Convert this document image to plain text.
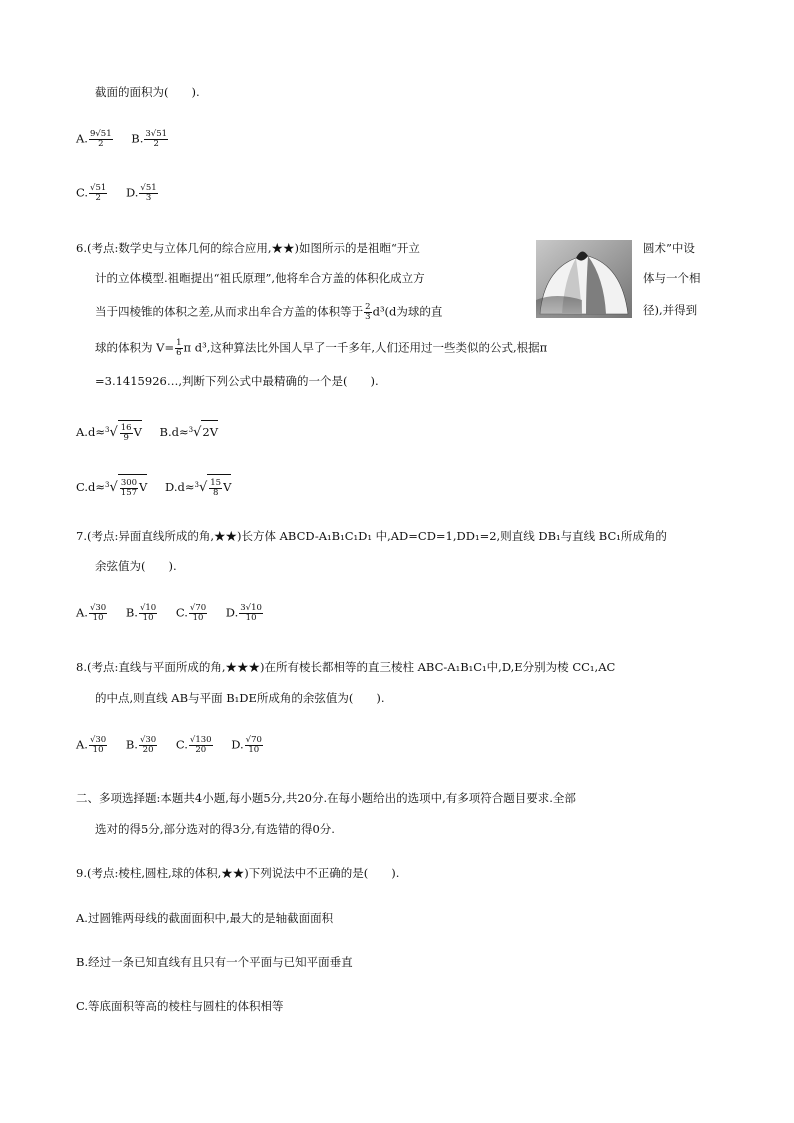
截面的面积为(　　).
A. $\frac{9√51}{2} B$. $\frac{3√51}{2}$
C. $\frac{√51}{2} D$. $\frac{√51}{3}$
6.(考点:数学史与立体几何的综合应用,★★)如图所示的是祖暅“开立	圆术”中设
计的立体模型.祖暅提出“祖氏原理”,他将牟合方盖的体积化成立方	体与一个相
当于四棱锥的体积之差,从而求出牟合方盖的体积等于 $\frac{2}{3} d^3(d$为球的直	径),并得到
球的体积为 $V= \frac{1}{6}$ π d³,这种算法比外国人早了一千多年,人们还用过一些类似的公式,根据π
=3.1415926…,判断下列公式中最精确的一个是(　　).
$A.d\approx^3√ \frac{16}{9}$ V B.d≈$^3$√2V
$C.d\approx^3√ \frac{300}{157}$ V $D.d\approx^3√ \frac{15}{8}$ V
7.(考点:异面直线所成的角,★★)长方体 ABCD-A₁B₁C₁D₁ 中,AD=CD=1,DD₁=2,则直线 DB₁与直线 BC₁所成角的
余弦值为(　　).
A. $\frac{√30}{10} B$. $\frac{√10}{10} C$. $\frac{√70}{10} D$. $\frac{3√10}{10}$
8.(考点:直线与平面所成的角,★★★)在所有棱长都相等的直三棱柱 ABC-A₁B₁C₁中,D,E分别为棱 CC₁,AC
的中点,则直线 AB与平面 B₁DE所成角的余弦值为(　　).
A. $\frac{√30}{10} B$. $\frac{√30}{20} C$. $\frac{√130}{20} D$. $\frac{√70}{10}$
二、多项选择题:本题共4小题,每小题5分,共20分.在每小题给出的选项中,有多项符合题目要求.全部
选对的得5分,部分选对的得3分,有选错的得0分.
9.(考点:棱柱,圆柱,球的体积,★★)下列说法中不正确的是(　　).
A.过圆锥两母线的截面面积中,最大的是轴截面面积
B.经过一条已知直线有且只有一个平面与已知平面垂直
C.等底面积等高的棱柱与圆柱的体积相等
